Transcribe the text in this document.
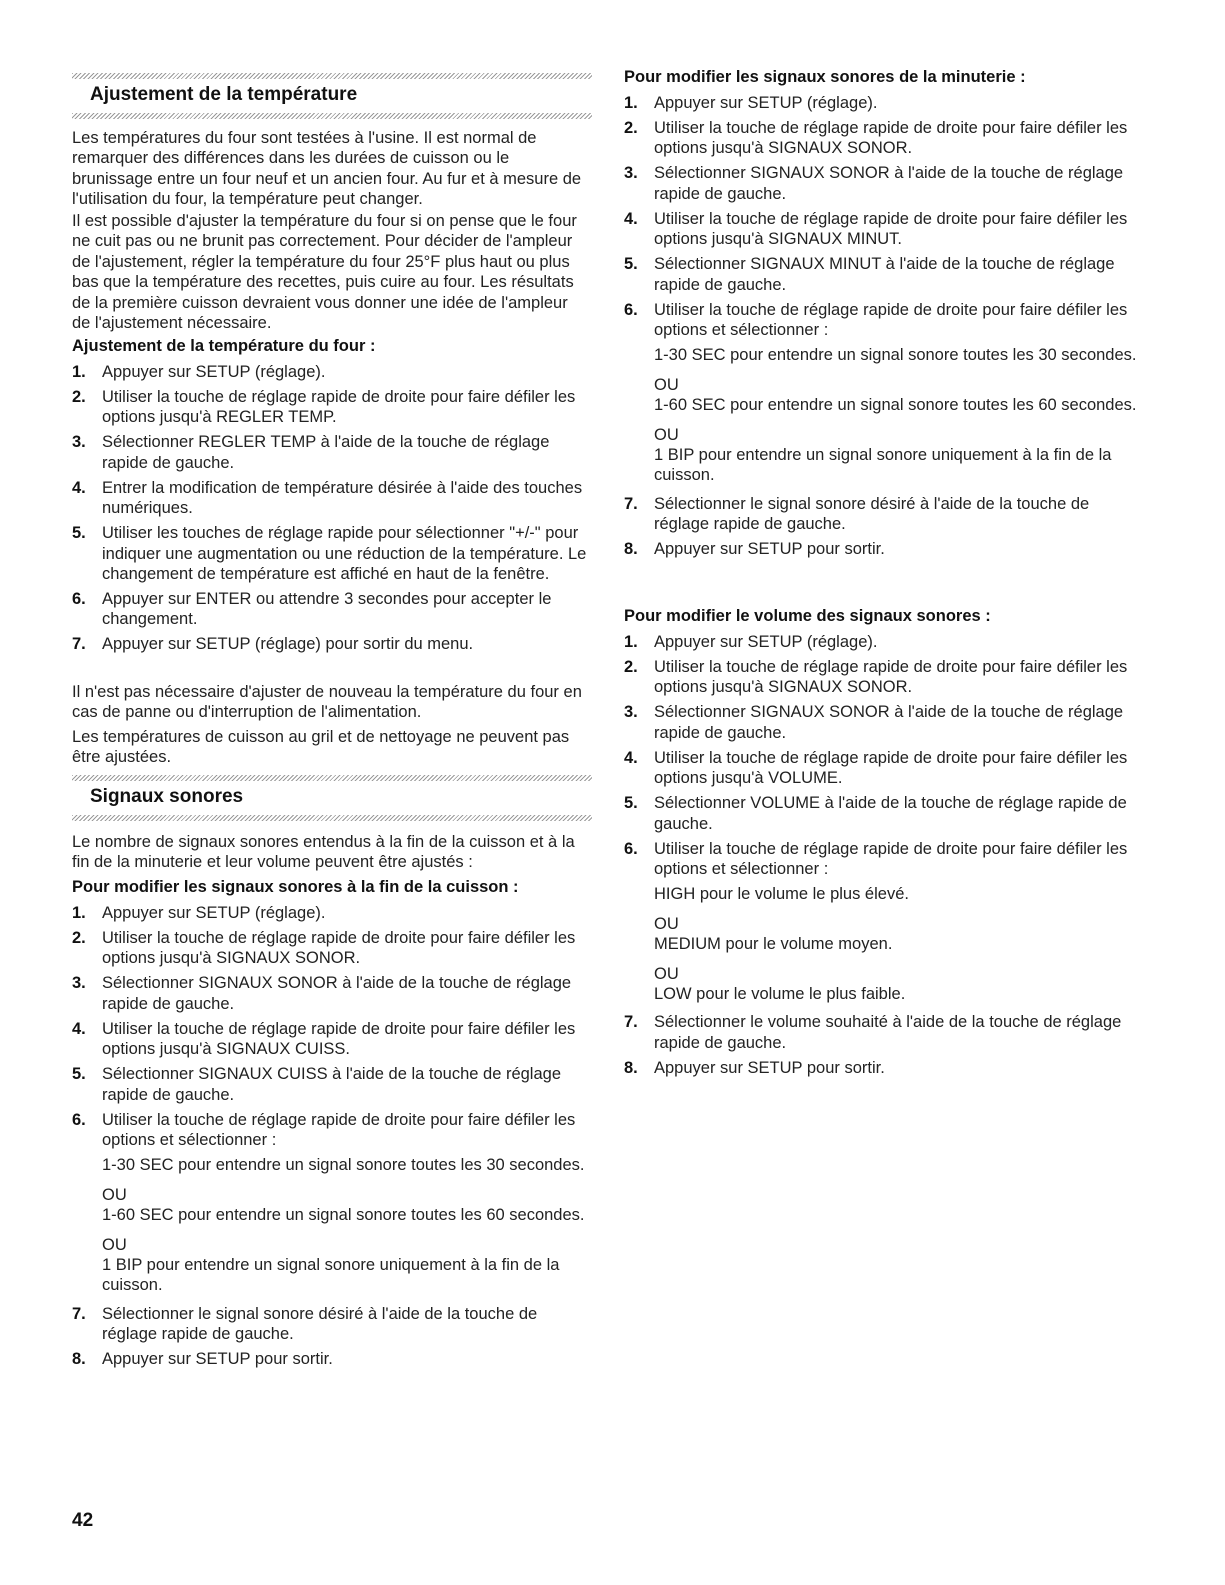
Ajustement de la température

Les températures du four sont testées à l'usine. Il est normal de remarquer des différences dans les durées de cuisson ou le brunissage entre un four neuf et un ancien four. Au fur et à mesure de l'utilisation du four, la température peut changer.

Il est possible d'ajuster la température du four si on pense que le four ne cuit pas ou ne brunit pas correctement. Pour décider de l'ampleur de l'ajustement, régler la température du four 25°F plus haut ou plus bas que la température des recettes, puis cuire au four. Les résultats de la première cuisson devraient vous donner une idée de l'ampleur de l'ajustement nécessaire.

Ajustement de la température du four :
1. Appuyer sur SETUP (réglage).
2. Utiliser la touche de réglage rapide de droite pour faire défiler les options jusqu'à REGLER TEMP.
3. Sélectionner REGLER TEMP à l'aide de la touche de réglage rapide de gauche.
4. Entrer la modification de température désirée à l'aide des touches numériques.
5. Utiliser les touches de réglage rapide pour sélectionner "+/-" pour indiquer une augmentation ou une réduction de la température. Le changement de température est affiché en haut de la fenêtre.
6. Appuyer sur ENTER ou attendre 3 secondes pour accepter le changement.
7. Appuyer sur SETUP (réglage) pour sortir du menu.

Il n'est pas nécessaire d'ajuster de nouveau la température du four en cas de panne ou d'interruption de l'alimentation.

Les températures de cuisson au gril et de nettoyage ne peuvent pas être ajustées.

Signaux sonores

Le nombre de signaux sonores entendus à la fin de la cuisson et à la fin de la minuterie et leur volume peuvent être ajustés :

Pour modifier les signaux sonores à la fin de la cuisson :
1. Appuyer sur SETUP (réglage).
2. Utiliser la touche de réglage rapide de droite pour faire défiler les options jusqu'à SIGNAUX SONOR.
3. Sélectionner SIGNAUX SONOR à l'aide de la touche de réglage rapide de gauche.
4. Utiliser la touche de réglage rapide de droite pour faire défiler les options jusqu'à SIGNAUX CUISS.
5. Sélectionner SIGNAUX CUISS à l'aide de la touche de réglage rapide de gauche.
6. Utiliser la touche de réglage rapide de droite pour faire défiler les options et sélectionner :
1-30 SEC pour entendre un signal sonore toutes les 30 secondes.
OU
1-60 SEC pour entendre un signal sonore toutes les 60 secondes.
OU
1 BIP pour entendre un signal sonore uniquement à la fin de la cuisson.
7. Sélectionner le signal sonore désiré à l'aide de la touche de réglage rapide de gauche.
8. Appuyer sur SETUP pour sortir.
Pour modifier les signaux sonores de la minuterie :
1. Appuyer sur SETUP (réglage).
2. Utiliser la touche de réglage rapide de droite pour faire défiler les options jusqu'à SIGNAUX SONOR.
3. Sélectionner SIGNAUX SONOR à l'aide de la touche de réglage rapide de gauche.
4. Utiliser la touche de réglage rapide de droite pour faire défiler les options jusqu'à SIGNAUX MINUT.
5. Sélectionner SIGNAUX MINUT à l'aide de la touche de réglage rapide de gauche.
6. Utiliser la touche de réglage rapide de droite pour faire défiler les options et sélectionner :
1-30 SEC pour entendre un signal sonore toutes les 30 secondes.
OU
1-60 SEC pour entendre un signal sonore toutes les 60 secondes.
OU
1 BIP pour entendre un signal sonore uniquement à la fin de la cuisson.
7. Sélectionner le signal sonore désiré à l'aide de la touche de réglage rapide de gauche.
8. Appuyer sur SETUP pour sortir.
Pour modifier le volume des signaux sonores :
1. Appuyer sur SETUP (réglage).
2. Utiliser la touche de réglage rapide de droite pour faire défiler les options jusqu'à SIGNAUX SONOR.
3. Sélectionner SIGNAUX SONOR à l'aide de la touche de réglage rapide de gauche.
4. Utiliser la touche de réglage rapide de droite pour faire défiler les options jusqu'à VOLUME.
5. Sélectionner VOLUME à l'aide de la touche de réglage rapide de gauche.
6. Utiliser la touche de réglage rapide de droite pour faire défiler les options et sélectionner :
HIGH pour le volume le plus élevé.
OU
MEDIUM pour le volume moyen.
OU
LOW pour le volume le plus faible.
7. Sélectionner le volume souhaité à l'aide de la touche de réglage rapide de gauche.
8. Appuyer sur SETUP pour sortir.

42
